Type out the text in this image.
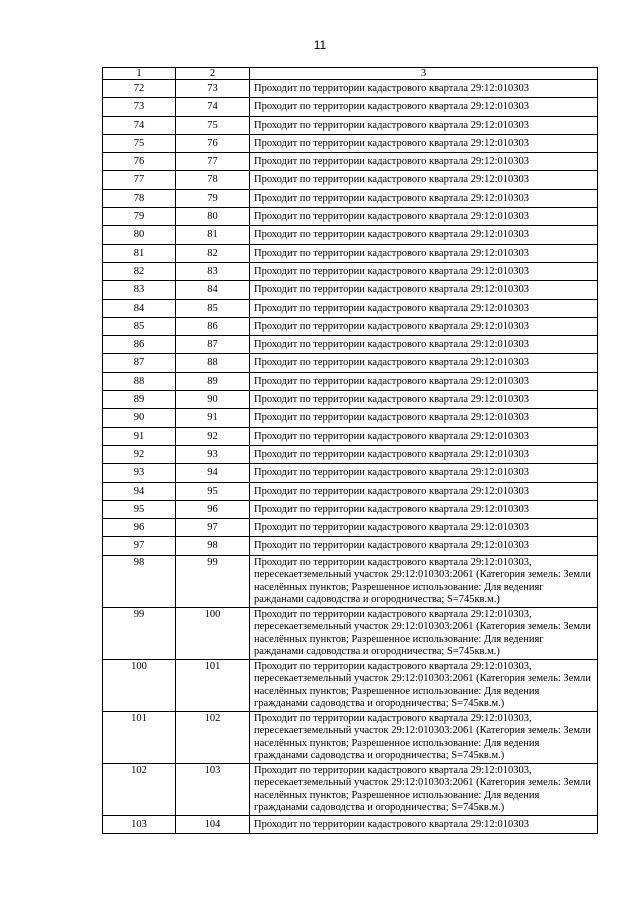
11
1	2	3
72	73	Проходит по территории кадастрового квартала 29:12:010303
73	74	Проходит по территории кадастрового квартала 29:12:010303
74	75	Проходит по территории кадастрового квартала 29:12:010303
75	76	Проходит по территории кадастрового квартала 29:12:010303
76	77	Проходит по территории кадастрового квартала 29:12:010303
77	78	Проходит по территории кадастрового квартала 29:12:010303
78	79	Проходит по территории кадастрового квартала 29:12:010303
79	80	Проходит по территории кадастрового квартала 29:12:010303
80	81	Проходит по территории кадастрового квартала 29:12:010303
81	82	Проходит по территории кадастрового квартала 29:12:010303
82	83	Проходит по территории кадастрового квартала 29:12:010303
83	84	Проходит по территории кадастрового квартала 29:12:010303
84	85	Проходит по территории кадастрового квартала 29:12:010303
85	86	Проходит по территории кадастрового квартала 29:12:010303
86	87	Проходит по территории кадастрового квартала 29:12:010303
87	88	Проходит по территории кадастрового квартала 29:12:010303
88	89	Проходит по территории кадастрового квартала 29:12:010303
89	90	Проходит по территории кадастрового квартала 29:12:010303
90	91	Проходит по территории кадастрового квартала 29:12:010303
91	92	Проходит по территории кадастрового квартала 29:12:010303
92	93	Проходит по территории кадастрового квартала 29:12:010303
93	94	Проходит по территории кадастрового квартала 29:12:010303
94	95	Проходит по территории кадастрового квартала 29:12:010303
95	96	Проходит по территории кадастрового квартала 29:12:010303
96	97	Проходит по территории кадастрового квартала 29:12:010303
97	98	Проходит по территории кадастрового квартала 29:12:010303
98	99	Проходит по территории кадастрового квартала 29:12:010303, пересекаетземельный участок 29:12:010303:2061 (Категория земель: Земли населённых пунктов; Разрешенное использование: Для веденияг ражданами садоводства и огородничества; S=745кв.м.)
99	100	Проходит по территории кадастрового квартала 29:12:010303, пересекаетземельный участок 29:12:010303:2061 (Категория земель: Земли населённых пунктов; Разрешенное использование: Для веденияг ражданами садоводства и огородничества; S=745кв.м.)
100	101	Проходит по территории кадастрового квартала 29:12:010303, пересекаетземельный участок 29:12:010303:2061 (Категория земель: Земли населённых пунктов; Разрешенное использование: Для ведения гражданами садоводства и огородничества; S=745кв.м.)
101	102	Проходит по территории кадастрового квартала 29:12:010303, пересекаетземельный участок 29:12:010303:2061 (Категория земель: Земли населённых пунктов; Разрешенное использование: Для ведения гражданами садоводства и огородничества; S=745кв.м.)
102	103	Проходит по территории кадастрового квартала 29:12:010303, пересекаетземельный участок 29:12:010303:2061 (Категория земель: Земли населённых пунктов; Разрешенное использование: Для ведения гражданами садоводства и огородничества; S=745кв.м.)
103	104	Проходит по территории кадастрового квартала 29:12:010303
